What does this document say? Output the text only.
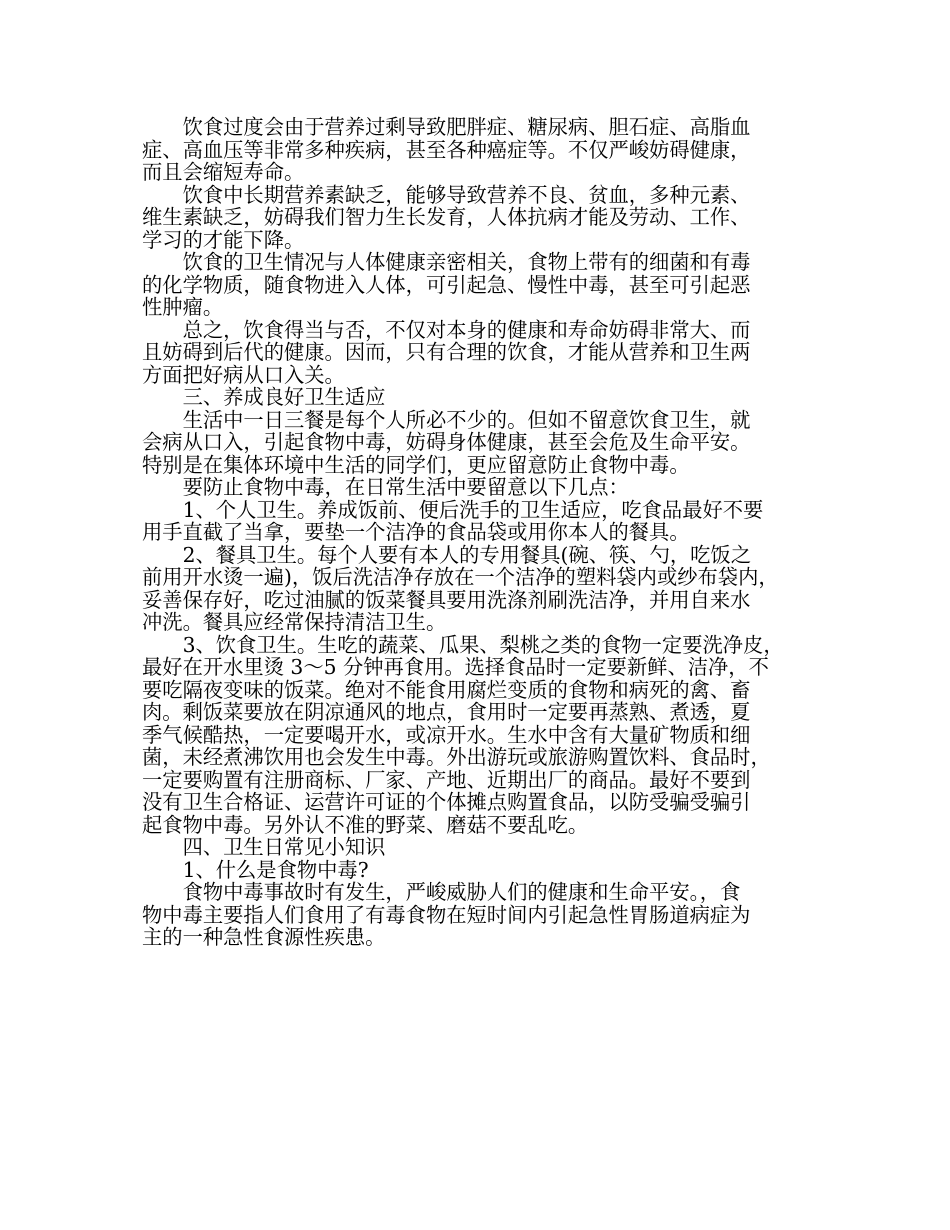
　　饮食过度会由于营养过剩导致肥胖症、糖尿病、胆石症、高脂血
症、高血压等非常多种疾病，甚至各种癌症等。不仅严峻妨碍健康，
而且会缩短寿命。
　　饮食中长期营养素缺乏，能够导致营养不良、贫血，多种元素、
维生素缺乏，妨碍我们智力生长发育，人体抗病才能及劳动、工作、
学习的才能下降。
　　饮食的卫生情况与人体健康亲密相关，食物上带有的细菌和有毒
的化学物质，随食物进入人体，可引起急、慢性中毒，甚至可引起恶
性肿瘤。
　　总之，饮食得当与否，不仅对本身的健康和寿命妨碍非常大、而
且妨碍到后代的健康。因而，只有合理的饮食，才能从营养和卫生两
方面把好病从口入关。
　　三、养成良好卫生适应
　　生活中一日三餐是每个人所必不少的。但如不留意饮食卫生，就
会病从口入，引起食物中毒，妨碍身体健康，甚至会危及生命平安。
特别是在集体环境中生活的同学们，更应留意防止食物中毒。
　　要防止食物中毒，在日常生活中要留意以下几点：
　　1、个人卫生。养成饭前、便后洗手的卫生适应，吃食品最好不要
用手直截了当拿，要垫一个洁净的食品袋或用你本人的餐具。
　　2、餐具卫生。每个人要有本人的专用餐具(碗、筷、勺，吃饭之
前用开水烫一遍)，饭后洗洁净存放在一个洁净的塑料袋内或纱布袋内，
妥善保存好，吃过油腻的饭菜餐具要用洗涤剂刷洗洁净，并用自来水
冲洗。餐具应经常保持清洁卫生。
　　3、饮食卫生。生吃的蔬菜、瓜果、梨桃之类的食物一定要洗净皮，
最好在开水里烫 3～5 分钟再食用。选择食品时一定要新鲜、洁净，不
要吃隔夜变味的饭菜。绝对不能食用腐烂变质的食物和病死的禽、畜
肉。剩饭菜要放在阴凉通风的地点，食用时一定要再蒸熟、煮透，夏
季气候酷热，一定要喝开水，或凉开水。生水中含有大量矿物质和细
菌，未经煮沸饮用也会发生中毒。外出游玩或旅游购置饮料、食品时，
一定要购置有注册商标、厂家、产地、近期出厂的商品。最好不要到
没有卫生合格证、运营许可证的个体摊点购置食品，以防受骗受骗引
起食物中毒。另外认不准的野菜、磨菇不要乱吃。
　　四、卫生日常见小知识
　　1、什么是食物中毒?
　　食物中毒事故时有发生，严峻威胁人们的健康和生命平安。，食
物中毒主要指人们食用了有毒食物在短时间内引起急性胃肠道病症为
主的一种急性食源性疾患。
